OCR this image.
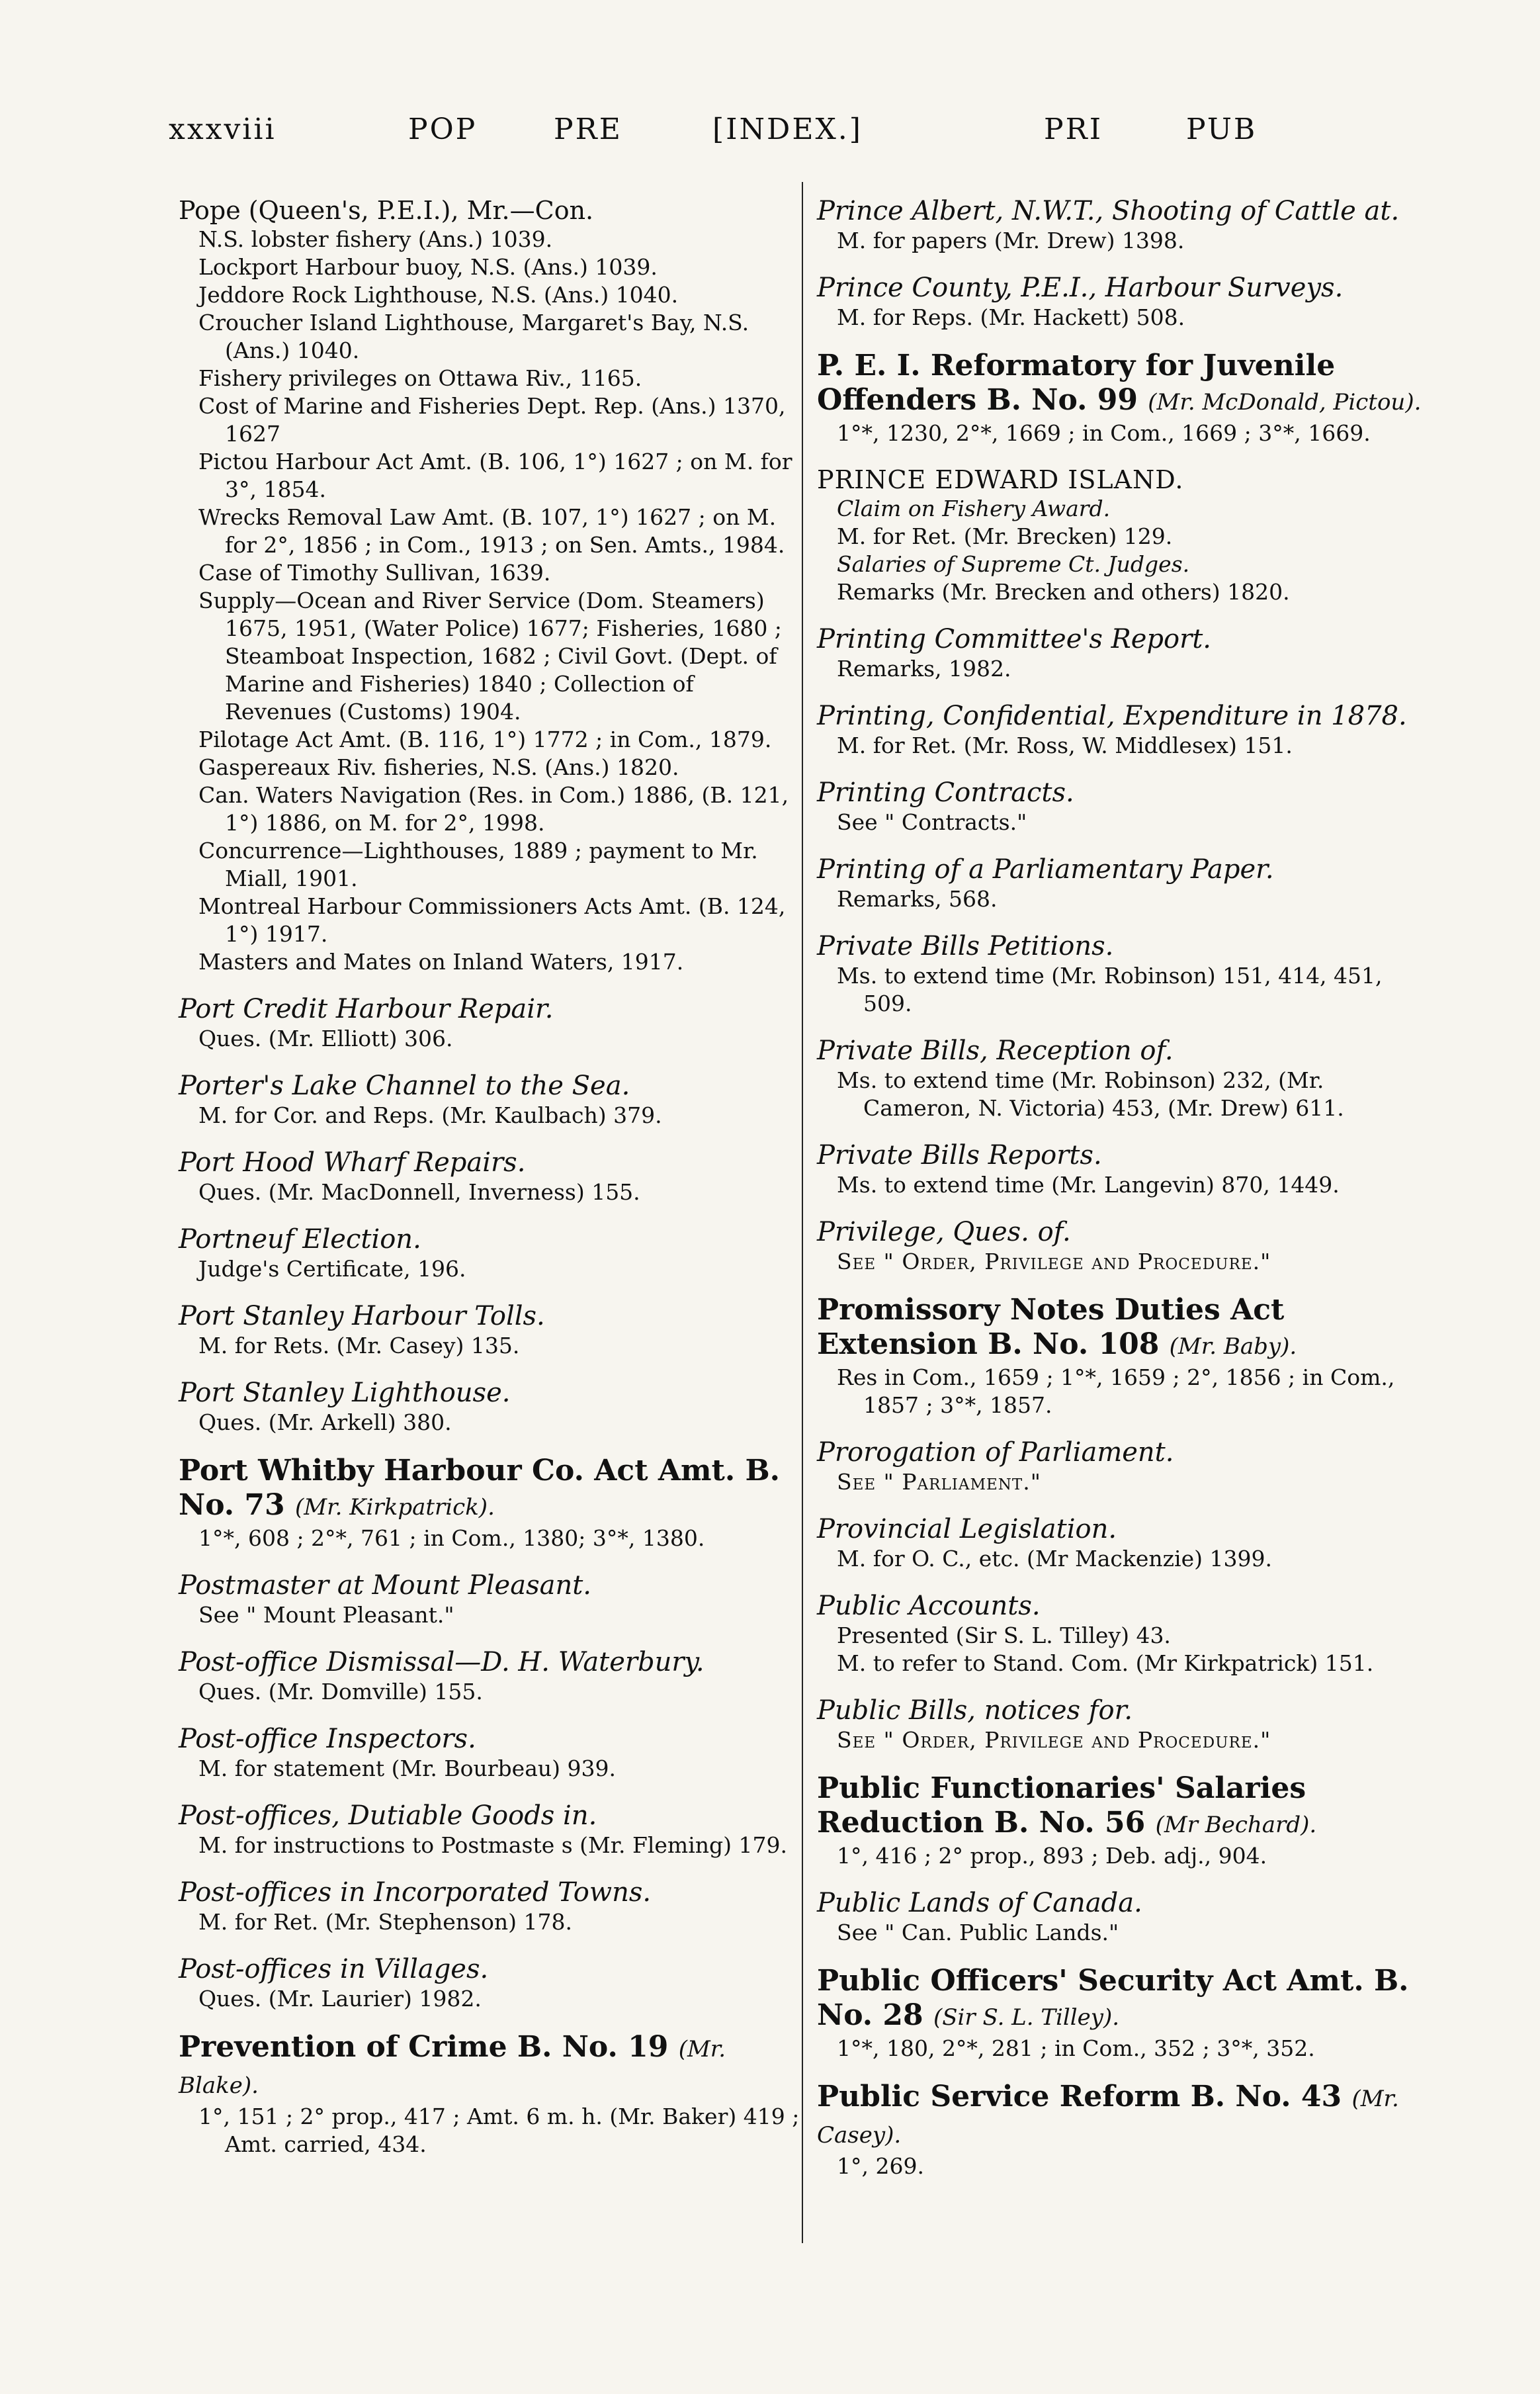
xxxviii	POP	PRE	[INDEX.]	PRI	PUB

Pope (Queen's, P.E.I.), Mr.—Con.

N.S. lobster fishery (Ans.) 1039.

Lockport Harbour buoy, N.S. (Ans.) 1039.

Jeddore Rock Lighthouse, N.S. (Ans.) 1040.

Croucher Island Lighthouse, Margaret's Bay, N.S. (Ans.) 1040.

Fishery privileges on Ottawa Riv., 1165.

Cost of Marine and Fisheries Dept. Rep. (Ans.) 1370, 1627

Pictou Harbour Act Amt. (B. 106, 1°) 1627 ; on M. for 3°, 1854.

Wrecks Removal Law Amt. (B. 107, 1°) 1627 ; on M. for 2°, 1856 ; in Com., 1913 ; on Sen. Amts., 1984.

Case of Timothy Sullivan, 1639.

Supply—Ocean and River Service (Dom. Steamers) 1675, 1951, (Water Police) 1677; Fisheries, 1680 ; Steamboat Inspection, 1682 ; Civil Govt. (Dept. of Marine and Fisheries) 1840 ; Collection of Revenues (Customs) 1904.

Pilotage Act Amt. (B. 116, 1°) 1772 ; in Com., 1879.

Gaspereaux Riv. fisheries, N.S. (Ans.) 1820.

Can. Waters Navigation (Res. in Com.) 1886, (B. 121, 1°) 1886, on M. for 2°, 1998.

Concurrence—Lighthouses, 1889 ; payment to Mr. Miall, 1901.

Montreal Harbour Commissioners Acts Amt. (B. 124, 1°) 1917.

Masters and Mates on Inland Waters, 1917.

Port Credit Harbour Repair.

Ques. (Mr. Elliott) 306.

Porter's Lake Channel to the Sea.

M. for Cor. and Reps. (Mr. Kaulbach) 379.

Port Hood Wharf Repairs.

Ques. (Mr. MacDonnell, Inverness) 155.

Portneuf Election.

Judge's Certificate, 196.

Port Stanley Harbour Tolls.

M. for Rets. (Mr. Casey) 135.

Port Stanley Lighthouse.

Ques. (Mr. Arkell) 380.

Port Whitby Harbour Co. Act Amt. B. No. 73 (Mr. Kirkpatrick).

1°*, 608 ; 2°*, 761 ; in Com., 1380; 3°*, 1380.

Postmaster at Mount Pleasant.

See " Mount Pleasant."

Post-office Dismissal—D. H. Waterbury.

Ques. (Mr. Domville) 155.

Post-office Inspectors.

M. for statement (Mr. Bourbeau) 939.

Post-offices, Dutiable Goods in.

M. for instructions to Postmaste s (Mr. Fleming) 179.

Post-offices in Incorporated Towns.

M. for Ret. (Mr. Stephenson) 178.

Post-offices in Villages.

Ques. (Mr. Laurier) 1982.

Prevention of Crime B. No. 19 (Mr. Blake).

1°, 151 ; 2° prop., 417 ; Amt. 6 m. h. (Mr. Baker) 419 ; Amt. carried, 434.

Prince Albert, N.W.T., Shooting of Cattle at.

M. for papers (Mr. Drew) 1398.

Prince County, P.E.I., Harbour Surveys.

M. for Reps. (Mr. Hackett) 508.

P. E. I. Reformatory for Juvenile Offenders B. No. 99 (Mr. McDonald, Pictou).

1°*, 1230, 2°*, 1669 ; in Com., 1669 ; 3°*, 1669.

PRINCE EDWARD ISLAND.

Claim on Fishery Award.

M. for Ret. (Mr. Brecken) 129.

Salaries of Supreme Ct. Judges.

Remarks (Mr. Brecken and others) 1820.

Printing Committee's Report.

Remarks, 1982.

Printing, Confidential, Expenditure in 1878.

M. for Ret. (Mr. Ross, W. Middlesex) 151.

Printing Contracts.

See " Contracts."

Printing of a Parliamentary Paper.

Remarks, 568.

Private Bills Petitions.

Ms. to extend time (Mr. Robinson) 151, 414, 451, 509.

Private Bills, Reception of.

Ms. to extend time (Mr. Robinson) 232, (Mr. Cameron, N. Victoria) 453, (Mr. Drew) 611.

Private Bills Reports.

Ms. to extend time (Mr. Langevin) 870, 1449.

Privilege, Ques. of.

See " Order, Privilege and Procedure."

Promissory Notes Duties Act Extension B. No. 108 (Mr. Baby).

Res in Com., 1659 ; 1°*, 1659 ; 2°, 1856 ; in Com., 1857 ; 3°*, 1857.

Prorogation of Parliament.

See " Parliament."

Provincial Legislation.

M. for O. C., etc. (Mr Mackenzie) 1399.

Public Accounts.

Presented (Sir S. L. Tilley) 43.

M. to refer to Stand. Com. (Mr Kirkpatrick) 151.

Public Bills, notices for.

See " Order, Privilege and Procedure."

Public Functionaries' Salaries Reduction B. No. 56 (Mr Bechard).

1°, 416 ; 2° prop., 893 ; Deb. adj., 904.

Public Lands of Canada.

See " Can. Public Lands."

Public Officers' Security Act Amt. B. No. 28 (Sir S. L. Tilley).

1°*, 180, 2°*, 281 ; in Com., 352 ; 3°*, 352.

Public Service Reform B. No. 43 (Mr. Casey).

1°, 269.
